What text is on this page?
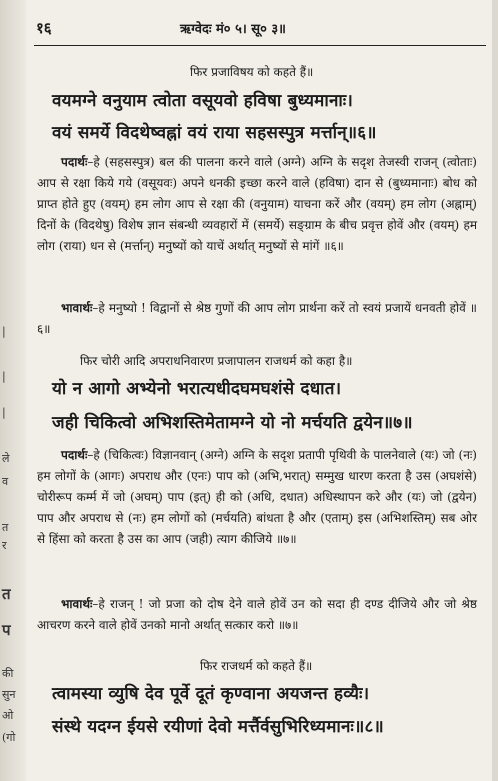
|
|
|
ले
व
त
र
त
प
की
सुन
ओ
(गो
१६	ऋग्वेदः मं० ५। सू० ३॥
फिर प्रजाविषय को कहते हैं॥
वयमग्ने वनुयाम त्वोता वसूयवो हविषा बुध्यमानाः।
वयं समर्ये विदथेष्वह्नां वयं राया सहसस्पुत्र मर्त्तान्॥६॥
पदार्थः–हे (सहसस्पुत्र) बल की पालना करने वाले (अग्ने) अग्नि के सदृश तेजस्वी राजन् (त्वोताः) आप से रक्षा किये गये (वसूयवः) अपने धनकी इच्छा करने वाले (हविषा) दान से (बुध्यमानाः) बोध को प्राप्त होते हुए (वयम्) हम लोग आप से रक्षा की (वनुयाम) याचना करें और (वयम्) हम लोग (अह्नाम्) दिनों के (विदथेषु) विशेष ज्ञान संबन्धी व्यवहारों में (समर्ये) सङ्ग्राम के बीच प्रवृत्त होवें और (वयम्) हम लोग (राया) धन से (मर्त्तान्) मनुष्यों को याचें अर्थात् मनुष्यों से मांगें ॥६॥
भावार्थः–हे मनुष्यो ! विद्वानों से श्रेष्ठ गुणों की आप लोग प्रार्थना करें तो स्वयं प्रजायें धनवती होवें ॥६॥
फिर चोरी आदि अपराधनिवारण प्रजापालन राजधर्म को कहा है॥
यो न आगो अभ्येनो भरात्यधीदघमघशंसे दधात।
जही चिकित्वो अभिशस्तिमेतामग्ने यो नो मर्चयति द्वयेन॥७॥
पदार्थः–हे (चिकित्वः) विज्ञानवान् (अग्ने) अग्नि के सदृश प्रतापी पृथिवी के पालनेवाले (यः) जो (नः) हम लोगों के (आगः) अपराध और (एनः) पाप को (अभि,भरात्) सम्मुख धारण करता है उस (अघशंसे) चोरीरूप कर्म्म में जो (अघम्) पाप (इत्) ही को (अधि, दधात) अधिस्थापन करे और (यः) जो (द्वयेन) पाप और अपराध से (नः) हम लोगों को (मर्चयति) बांधता है और (एताम्) इस (अभिशस्तिम्) सब ओर से हिंसा को करता है उस का आप (जही) त्याग कीजिये ॥७॥
भावार्थः–हे राजन् ! जो प्रजा को दोष देने वाले होवें उन को सदा ही दण्ड दीजिये और जो श्रेष्ठ आचरण करने वाले होवें उनको मानो अर्थात् सत्कार करो ॥७॥
फिर राजधर्म को कहते हैं॥
त्वामस्या व्युषि देव पूर्वे दूतं कृण्वाना अयजन्त हव्यैः।
संस्थे यदग्न ईयसे रयीणां देवो मर्त्तैर्वसुभिरिध्यमानः॥८॥
